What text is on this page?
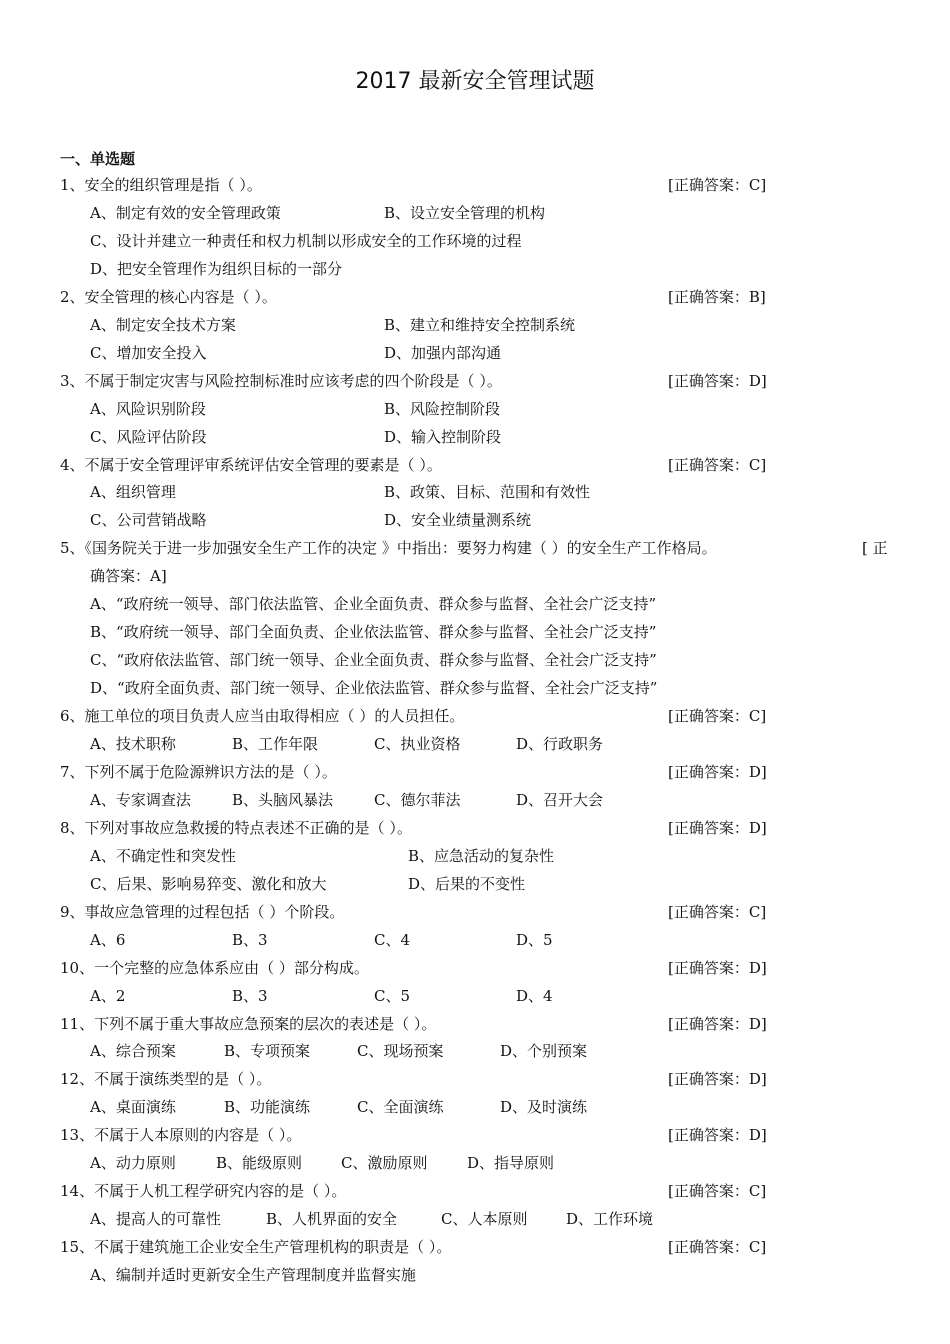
2017 最新安全管理试题
一、单选题
1、安全的组织管理是指（ ）。	[正确答案：C]
A、制定有效的安全管理政策	B、设立安全管理的机构
C、设计并建立一种责任和权力机制以形成安全的工作环境的过程
D、把安全管理作为组织目标的一部分
2、安全管理的核心内容是（ ）。	[正确答案：B]
A、制定安全技术方案	B、建立和维持安全控制系统
C、增加安全投入	D、加强内部沟通
3、不属于制定灾害与风险控制标准时应该考虑的四个阶段是（ ）。	[正确答案：D]
A、风险识别阶段	B、风险控制阶段
C、风险评估阶段	D、输入控制阶段
4、不属于安全管理评审系统评估安全管理的要素是（ ）。	[正确答案：C]
A、组织管理	B、政策、目标、范围和有效性
C、公司营销战略	D、安全业绩量测系统
5、《国务院关于进一步加强安全生产工作的决定 》中指出：要努力构建（ ）的安全生产工作格局。	[ 正
确答案：A]
A、“政府统一领导、部门依法监管、企业全面负责、群众参与监督、全社会广泛支持”
B、“政府统一领导、部门全面负责、企业依法监管、群众参与监督、全社会广泛支持”
C、“政府依法监管、部门统一领导、企业全面负责、群众参与监督、全社会广泛支持”
D、“政府全面负责、部门统一领导、企业依法监管、群众参与监督、全社会广泛支持”
6、施工单位的项目负责人应当由取得相应（ ）的人员担任。	[正确答案：C]
A、技术职称	B、工作年限	C、执业资格	D、行政职务
7、下列不属于危险源辨识方法的是（ ）。	[正确答案：D]
A、专家调查法	B、头脑风暴法	C、德尔菲法	D、召开大会
8、下列对事故应急救援的特点表述不正确的是（ ）。	[正确答案：D]
A、不确定性和突发性	B、应急活动的复杂性
C、后果、影响易猝变、激化和放大	D、后果的不变性
9、事故应急管理的过程包括（ ）个阶段。	[正确答案：C]
A、6	B、3	C、4	D、5
10、一个完整的应急体系应由（ ）部分构成。	[正确答案：D]
A、2	B、3	C、5	D、4
11、下列不属于重大事故应急预案的层次的表述是（ ）。	[正确答案：D]
A、综合预案	B、专项预案	C、现场预案	D、个别预案
12、不属于演练类型的是（ ）。	[正确答案：D]
A、桌面演练	B、功能演练	C、全面演练	D、及时演练
13、不属于人本原则的内容是（ ）。	[正确答案：D]
A、动力原则	B、能级原则	C、激励原则	D、指导原则
14、不属于人机工程学研究内容的是（ ）。	[正确答案：C]
A、提高人的可靠性	B、人机界面的安全	C、人本原则	D、工作环境
15、不属于建筑施工企业安全生产管理机构的职责是（ ）。	[正确答案：C]
A、编制并适时更新安全生产管理制度并监督实施
